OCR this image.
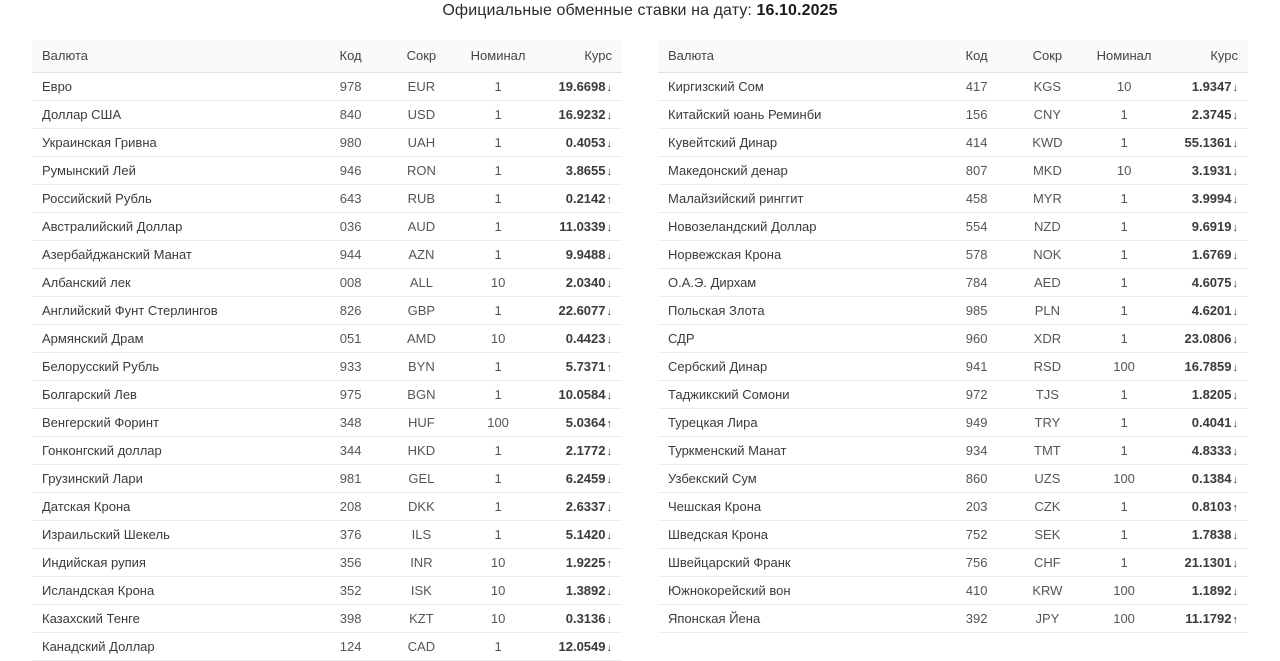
Официальные обменные ставки на дату: 16.10.2025
Валюта	Код	Сокр	Номинал	Курс
Евро	978	EUR	1	19.6698↓
Доллар США	840	USD	1	16.9232↓
Украинская Гривна	980	UAH	1	0.4053↓
Румынский Лей	946	RON	1	3.8655↓
Российский Рубль	643	RUB	1	0.2142↑
Австралийский Доллар	036	AUD	1	11.0339↓
Азербайджанский Манат	944	AZN	1	9.9488↓
Албанский лек	008	ALL	10	2.0340↓
Английский Фунт Стерлингов	826	GBP	1	22.6077↓
Армянский Драм	051	AMD	10	0.4423↓
Белорусский Рубль	933	BYN	1	5.7371↑
Болгарский Лев	975	BGN	1	10.0584↓
Венгерский Форинт	348	HUF	100	5.0364↑
Гонконгский доллар	344	HKD	1	2.1772↓
Грузинский Лари	981	GEL	1	6.2459↓
Датская Крона	208	DKK	1	2.6337↓
Израильский Шекель	376	ILS	1	5.1420↓
Индийская рупия	356	INR	10	1.9225↑
Исландская Крона	352	ISK	10	1.3892↓
Казахский Тенге	398	KZT	10	0.3136↓
Канадский Доллар	124	CAD	1	12.0549↓
Валюта	Код	Сокр	Номинал	Курс
Киргизский Сом	417	KGS	10	1.9347↓
Китайский юань Реминби	156	CNY	1	2.3745↓
Кувейтский Динар	414	KWD	1	55.1361↓
Македонский денар	807	MKD	10	3.1931↓
Малайзийский ринггит	458	MYR	1	3.9994↓
Новозеландский Доллар	554	NZD	1	9.6919↓
Норвежская Крона	578	NOK	1	1.6769↓
О.А.Э. Дирхам	784	AED	1	4.6075↓
Польская Злота	985	PLN	1	4.6201↓
СДР	960	XDR	1	23.0806↓
Сербский Динар	941	RSD	100	16.7859↓
Таджикский Сомони	972	TJS	1	1.8205↓
Турецкая Лира	949	TRY	1	0.4041↓
Туркменский Манат	934	TMT	1	4.8333↓
Узбекский Сум	860	UZS	100	0.1384↓
Чешская Крона	203	CZK	1	0.8103↑
Шведская Крона	752	SEK	1	1.7838↓
Швейцарский Франк	756	CHF	1	21.1301↓
Южнокорейский вон	410	KRW	100	1.1892↓
Японская Йена	392	JPY	100	11.1792↑
